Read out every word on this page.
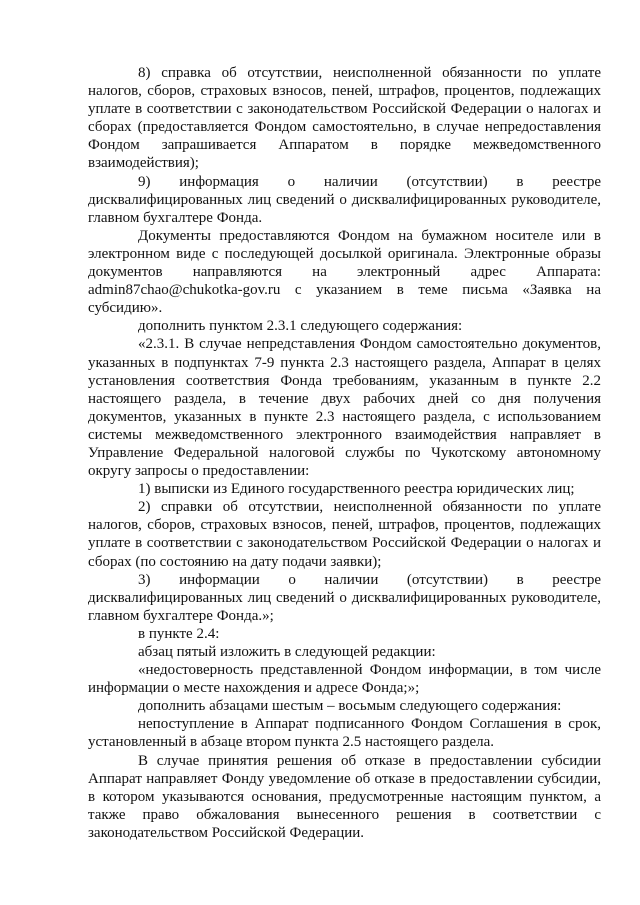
8) справка об отсутствии, неисполненной обязанности по уплате налогов, сборов, страховых взносов, пеней, штрафов, процентов, подлежащих уплате в соответствии с законодательством Российской Федерации о налогах и сборах (предоставляется Фондом самостоятельно, в случае непредоставления Фондом запрашивается Аппаратом в порядке межведомственного взаимодействия);

9) информация о наличии (отсутствии) в реестре дисквалифицированных лиц сведений о дисквалифицированных руководителе, главном бухгалтере Фонда.

Документы предоставляются Фондом на бумажном носителе или в электронном виде с последующей досылкой оригинала. Электронные образы документов направляются на электронный адрес Аппарата: admin87chao@chukotka-gov.ru с указанием в теме письма «Заявка на субсидию».

дополнить пунктом 2.3.1 следующего содержания:

«2.3.1. В случае непредставления Фондом самостоятельно документов, указанных в подпунктах 7-9 пункта 2.3 настоящего раздела, Аппарат в целях установления соответствия Фонда требованиям, указанным в пункте 2.2 настоящего раздела, в течение двух рабочих дней со дня получения документов, указанных в пункте 2.3 настоящего раздела, с использованием системы межведомственного электронного взаимодействия направляет в Управление Федеральной налоговой службы по Чукотскому автономному округу запросы о предоставлении:

1) выписки из Единого государственного реестра юридических лиц;

2) справки об отсутствии, неисполненной обязанности по уплате налогов, сборов, страховых взносов, пеней, штрафов, процентов, подлежащих уплате в соответствии с законодательством Российской Федерации о налогах и сборах (по состоянию на дату подачи заявки);

3) информации о наличии (отсутствии) в реестре дисквалифицированных лиц сведений о дисквалифицированных руководителе, главном бухгалтере Фонда.»;

в пункте 2.4:

абзац пятый изложить в следующей редакции:

«недостоверность представленной Фондом информации, в том числе информации о месте нахождения и адресе Фонда;»;

дополнить абзацами шестым – восьмым следующего содержания:

непоступление в Аппарат подписанного Фондом Соглашения в срок, установленный в абзаце втором пункта 2.5 настоящего раздела.

В случае принятия решения об отказе в предоставлении субсидии Аппарат направляет Фонду уведомление об отказе в предоставлении субсидии, в котором указываются основания, предусмотренные настоящим пунктом, а также право обжалования вынесенного решения в соответствии с законодательством Российской Федерации.
